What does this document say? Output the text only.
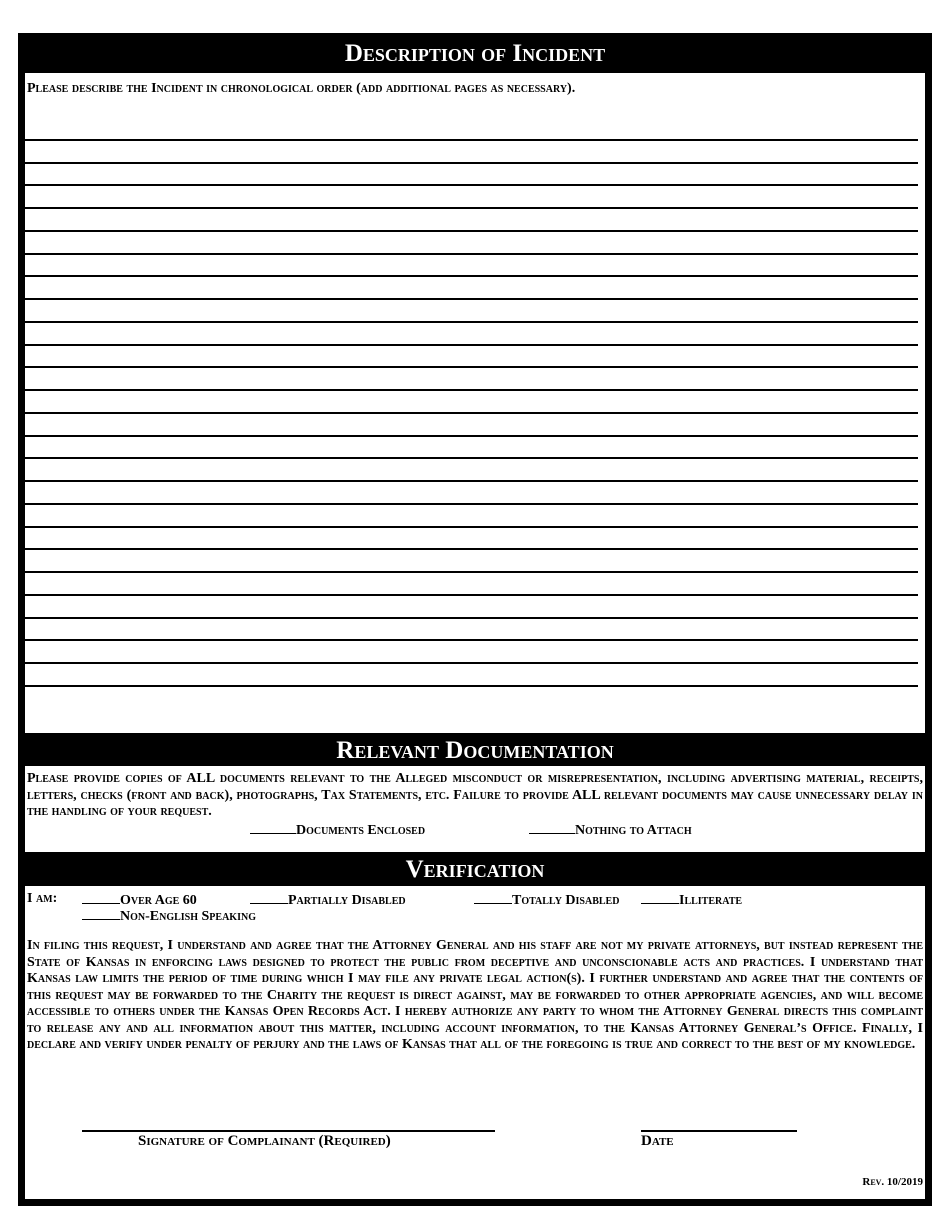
Description of Incident
Please describe the Incident in chronological order (add additional pages as necessary).
Relevant Documentation
Please provide copies of ALL documents relevant to the Alleged misconduct or misrepresentation, including advertising material, receipts, letters, checks (front and back), photographs, Tax Statements, etc. Failure to provide ALL relevant documents may cause unnecessary delay in the handling of your request.
Documents Enclosed	Nothing to Attach
Verification
I am:	Over Age 60	Partially Disabled	Totally Disabled	Illiterate
Non-English Speaking
In filing this request, I understand and agree that the Attorney General and his staff are not my private attorneys, but instead represent the State of Kansas in enforcing laws designed to protect the public from deceptive and unconscionable acts and practices. I understand that Kansas law limits the period of time during which I may file any private legal action(s). I further understand and agree that the contents of this request may be forwarded to the Charity the request is direct against, may be forwarded to other appropriate agencies, and will become accessible to others under the Kansas Open Records Act. I hereby authorize any party to whom the Attorney General directs this complaint to release any and all information about this matter, including account information, to the Kansas Attorney General’s Office. Finally, I declare and verify under penalty of perjury and the laws of Kansas that all of the foregoing is true and correct to the best of my knowledge.
Signature of Complainant (Required)	Date
Rev. 10/2019
